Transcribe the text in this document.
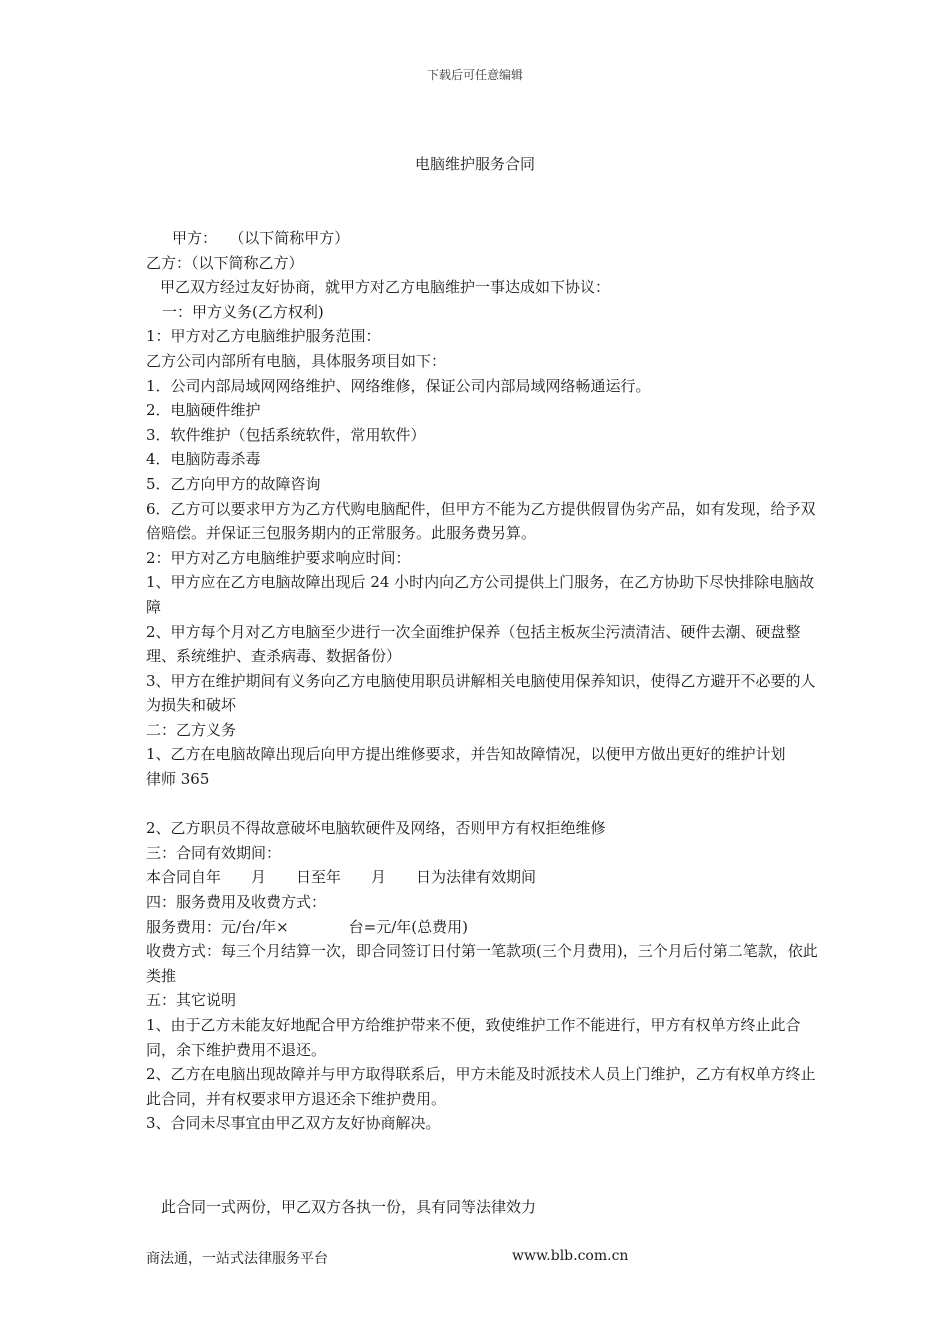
下载后可任意编辑
电脑维护服务合同

甲方：　 （以下简称甲方）

乙方：（以下简称乙方）

甲乙双方经过友好协商，就甲方对乙方电脑维护一事达成如下协议：

一：甲方义务(乙方权利)

1：甲方对乙方电脑维护服务范围：

乙方公司内部所有电脑，具体服务项目如下：

1．公司内部局域网网络维护、网络维修，保证公司内部局域网络畅通运行。

2．电脑硬件维护

3．软件维护（包括系统软件，常用软件）

4．电脑防毒杀毒

5．乙方向甲方的故障咨询

6．乙方可以要求甲方为乙方代购电脑配件，但甲方不能为乙方提供假冒伪劣产品，如有发现，给予双倍赔偿。并保证三包服务期内的正常服务。此服务费另算。

2：甲方对乙方电脑维护要求响应时间：

1、甲方应在乙方电脑故障出现后 24 小时内向乙方公司提供上门服务，在乙方协助下尽快排除电脑故障

2、甲方每个月对乙方电脑至少进行一次全面维护保养（包括主板灰尘污渍清洁、硬件去潮、硬盘整理、系统维护、查杀病毒、数据备份）

3、甲方在维护期间有义务向乙方电脑使用职员讲解相关电脑使用保养知识，使得乙方避开不必要的人为损失和破坏

二：乙方义务

1、乙方在电脑故障出现后向甲方提出维修要求，并告知故障情况，以便甲方做出更好的维护计划

律师 365

2、乙方职员不得故意破坏电脑软硬件及网络，否则甲方有权拒绝维修

三：合同有效期间：

本合同自年　　月　　日至年　　月　　日为法律有效期间

四：服务费用及收费方式：

服务费用：元/台/年×　　　　台=元/年(总费用)

收费方式：每三个月结算一次，即合同签订日付第一笔款项(三个月费用)，三个月后付第二笔款，依此类推

五：其它说明

1、由于乙方未能友好地配合甲方给维护带来不便，致使维护工作不能进行，甲方有权单方终止此合同，余下维护费用不退还。

2、乙方在电脑出现故障并与甲方取得联系后，甲方未能及时派技术人员上门维护，乙方有权单方终止此合同，并有权要求甲方退还余下维护费用。

3、合同未尽事宜由甲乙双方友好协商解决。

此合同一式两份，甲乙双方各执一份，具有同等法律效力
商法通，一站式法律服务平台	www.blb.com.cn
